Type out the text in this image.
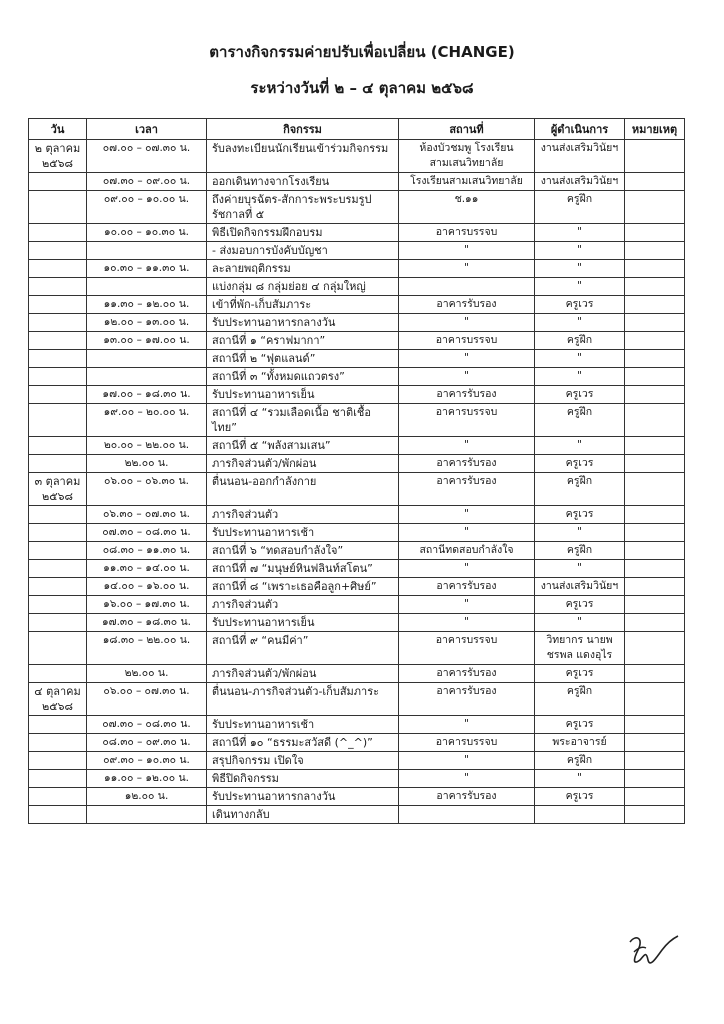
ตารางกิจกรรมค่ายปรับเพื่อเปลี่ยน (CHANGE)
ระหว่างวันที่ ๒ – ๔ ตุลาคม ๒๕๖๘
วัน	เวลา	กิจกรรม	สถานที่	ผู้ดำเนินการ	หมายเหตุ
๒ ตุลาคม ๒๕๖๘	๐๗.๐๐ – ๐๗.๓๐ น.	รับลงทะเบียนนักเรียนเข้าร่วมกิจกรรม	ห้องบัวชมพู โรงเรียนสามเสนวิทยาลัย	งานส่งเสริมวินัยฯ	
	๐๗.๓๐ – ๐๙.๐๐ น.	ออกเดินทางจากโรงเรียน	โรงเรียนสามเสนวิทยาลัย	งานส่งเสริมวินัยฯ	
	๐๙.๐๐ – ๑๐.๐๐ น.	ถึงค่ายบุรฉัตร-สักการะพระบรมรูป รัชกาลที่ ๕	ช.๑๑	ครูฝึก	
	๑๐.๐๐ – ๑๐.๓๐ น.	พิธีเปิดกิจกรรมฝึกอบรม	อาคารบรรจบ	"	
		- ส่งมอบการบังคับบัญชา	"	"	
	๑๐.๓๐ – ๑๑.๓๐ น.	ละลายพฤติกรรม	"	"	
		แบ่งกลุ่ม ๘ กลุ่มย่อย ๔ กลุ่มใหญ่		"	
	๑๑.๓๐ – ๑๒.๐๐ น.	เข้าที่พัก-เก็บสัมภาระ	อาคารรับรอง	ครูเวร	
	๑๒.๐๐ – ๑๓.๐๐ น.	รับประทานอาหารกลางวัน	"	"	
	๑๓.๐๐ – ๑๗.๐๐ น.	สถานีที่ ๑ “คราฟมากา”	อาคารบรรจบ	ครูฝึก	
		สถานีที่ ๒ “ฟุตแลนด์”	"	"	
		สถานีที่ ๓ “ทั้งหมดแถวตรง”	"	"	
	๑๗.๐๐ – ๑๘.๓๐ น.	รับประทานอาหารเย็น	อาคารรับรอง	ครูเวร	
	๑๙.๐๐ – ๒๐.๐๐ น.	สถานีที่ ๔ “รวมเลือดเนื้อ ชาติเชื้อไทย”	อาคารบรรจบ	ครูฝึก	
	๒๐.๐๐ – ๒๒.๐๐ น.	สถานีที่ ๕ “พลังสามเสน”	"	"	
	๒๒.๐๐ น.	ภารกิจส่วนตัว/พักผ่อน	อาคารรับรอง	ครูเวร	
๓ ตุลาคม ๒๕๖๘	๐๖.๐๐ – ๐๖.๓๐ น.	ตื่นนอน-ออกกำลังกาย	อาคารรับรอง	ครูฝึก	
	๐๖.๓๐ – ๐๗.๓๐ น.	ภารกิจส่วนตัว	"	ครูเวร	
	๐๗.๓๐ – ๐๘.๓๐ น.	รับประทานอาหารเช้า	"	"	
	๐๘.๓๐ – ๑๑.๓๐ น.	สถานีที่ ๖ “ทดสอบกำลังใจ”	สถานีทดสอบกำลังใจ	ครูฝึก	
	๑๑.๓๐ – ๑๔.๐๐ น.	สถานีที่ ๗ “มนุษย์หินฟลินท์สโตน”	"	"	
	๑๔.๐๐ – ๑๖.๐๐ น.	สถานีที่ ๘ “เพราะเธอคือลูก+ศิษย์”	อาคารรับรอง	งานส่งเสริมวินัยฯ	
	๑๖.๐๐ – ๑๗.๓๐ น.	ภารกิจส่วนตัว	"	ครูเวร	
	๑๗.๓๐ – ๑๘.๓๐ น.	รับประทานอาหารเย็น	"	"	
	๑๘.๓๐ – ๒๒.๐๐ น.	สถานีที่ ๙ “คนมีค่า”	อาคารบรรจบ	วิทยากร นายพชรพล แดงอุไร	
	๒๒.๐๐ น.	ภารกิจส่วนตัว/พักผ่อน	อาคารรับรอง	ครูเวร	
๔ ตุลาคม ๒๕๖๘	๐๖.๐๐ – ๐๗.๓๐ น.	ตื่นนอน-ภารกิจส่วนตัว-เก็บสัมภาระ	อาคารรับรอง	ครูฝึก	
	๐๗.๓๐ – ๐๘.๓๐ น.	รับประทานอาหารเช้า	"	ครูเวร	
	๐๘.๓๐ – ๐๙.๓๐ น.	สถานีที่ ๑๐ “ธรรมะสวัสดี (^_^)”	อาคารบรรจบ	พระอาจารย์	
	๐๙.๓๐ – ๑๐.๓๐ น.	สรุปกิจกรรม เปิดใจ	"	ครูฝึก	
	๑๑.๐๐ – ๑๒.๐๐ น.	พิธีปิดกิจกรรม	"	"	
	๑๒.๐๐ น.	รับประทานอาหารกลางวัน	อาคารรับรอง	ครูเวร	
		เดินทางกลับ			
